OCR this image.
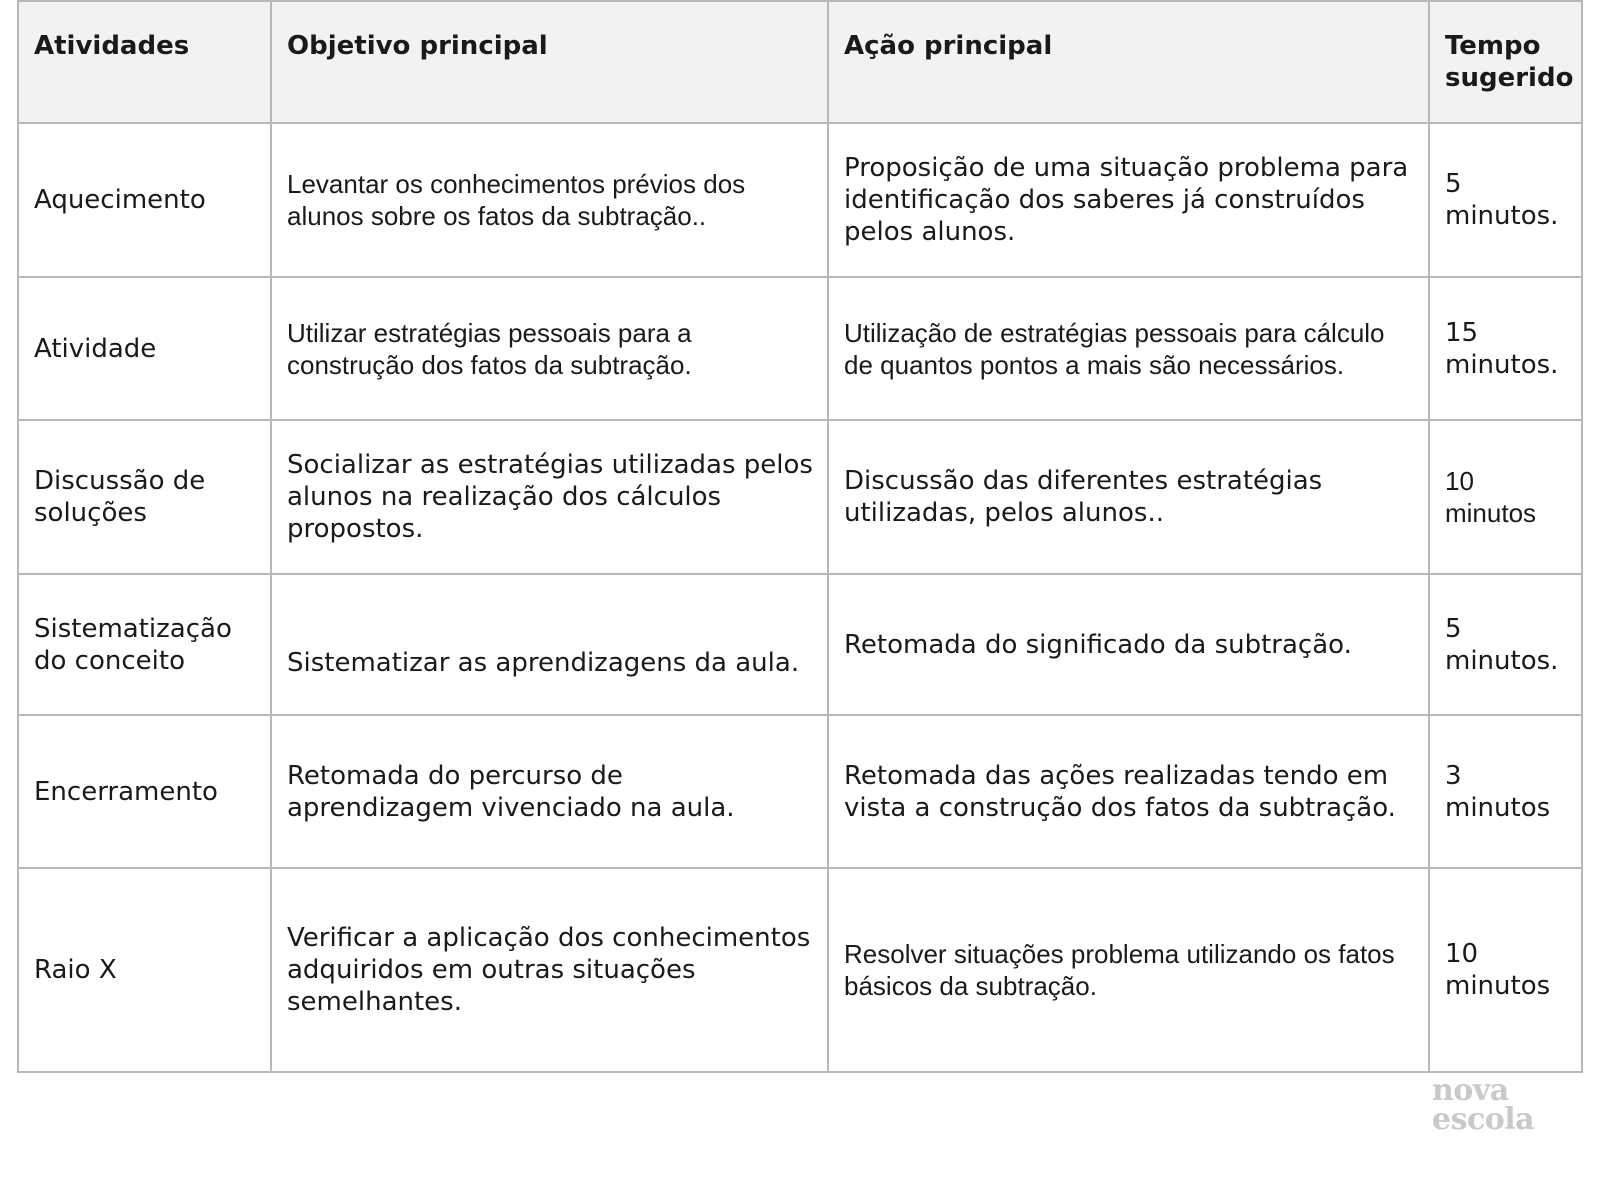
Atividades	Objetivo principal	Ação principal	Tempo sugerido
Aquecimento	Levantar os conhecimentos prévios dos alunos sobre os fatos da subtração..	Proposição de uma situação problema para identificação dos saberes já construídos pelos alunos.	5 minutos.
Atividade	Utilizar estratégias pessoais para a construção dos fatos da subtração.	Utilização de estratégias pessoais para cálculo de quantos pontos a mais são necessários.	15 minutos.
Discussão de soluções	Socializar as estratégias utilizadas pelos alunos na realização dos cálculos propostos.	Discussão das diferentes estratégias utilizadas, pelos alunos..	10 minutos
Sistematização do conceito	Sistematizar as aprendizagens da aula.	Retomada do significado da subtração.	5 minutos.
Encerramento	Retomada do percurso de aprendizagem vivenciado na aula.	Retomada das ações realizadas tendo em vista a construção dos fatos da subtração.	3 minutos
Raio X	Verificar a aplicação dos conhecimentos adquiridos em outras situações semelhantes.	Resolver situações problema utilizando os fatos básicos da subtração.	10 minutos
nova
escola
